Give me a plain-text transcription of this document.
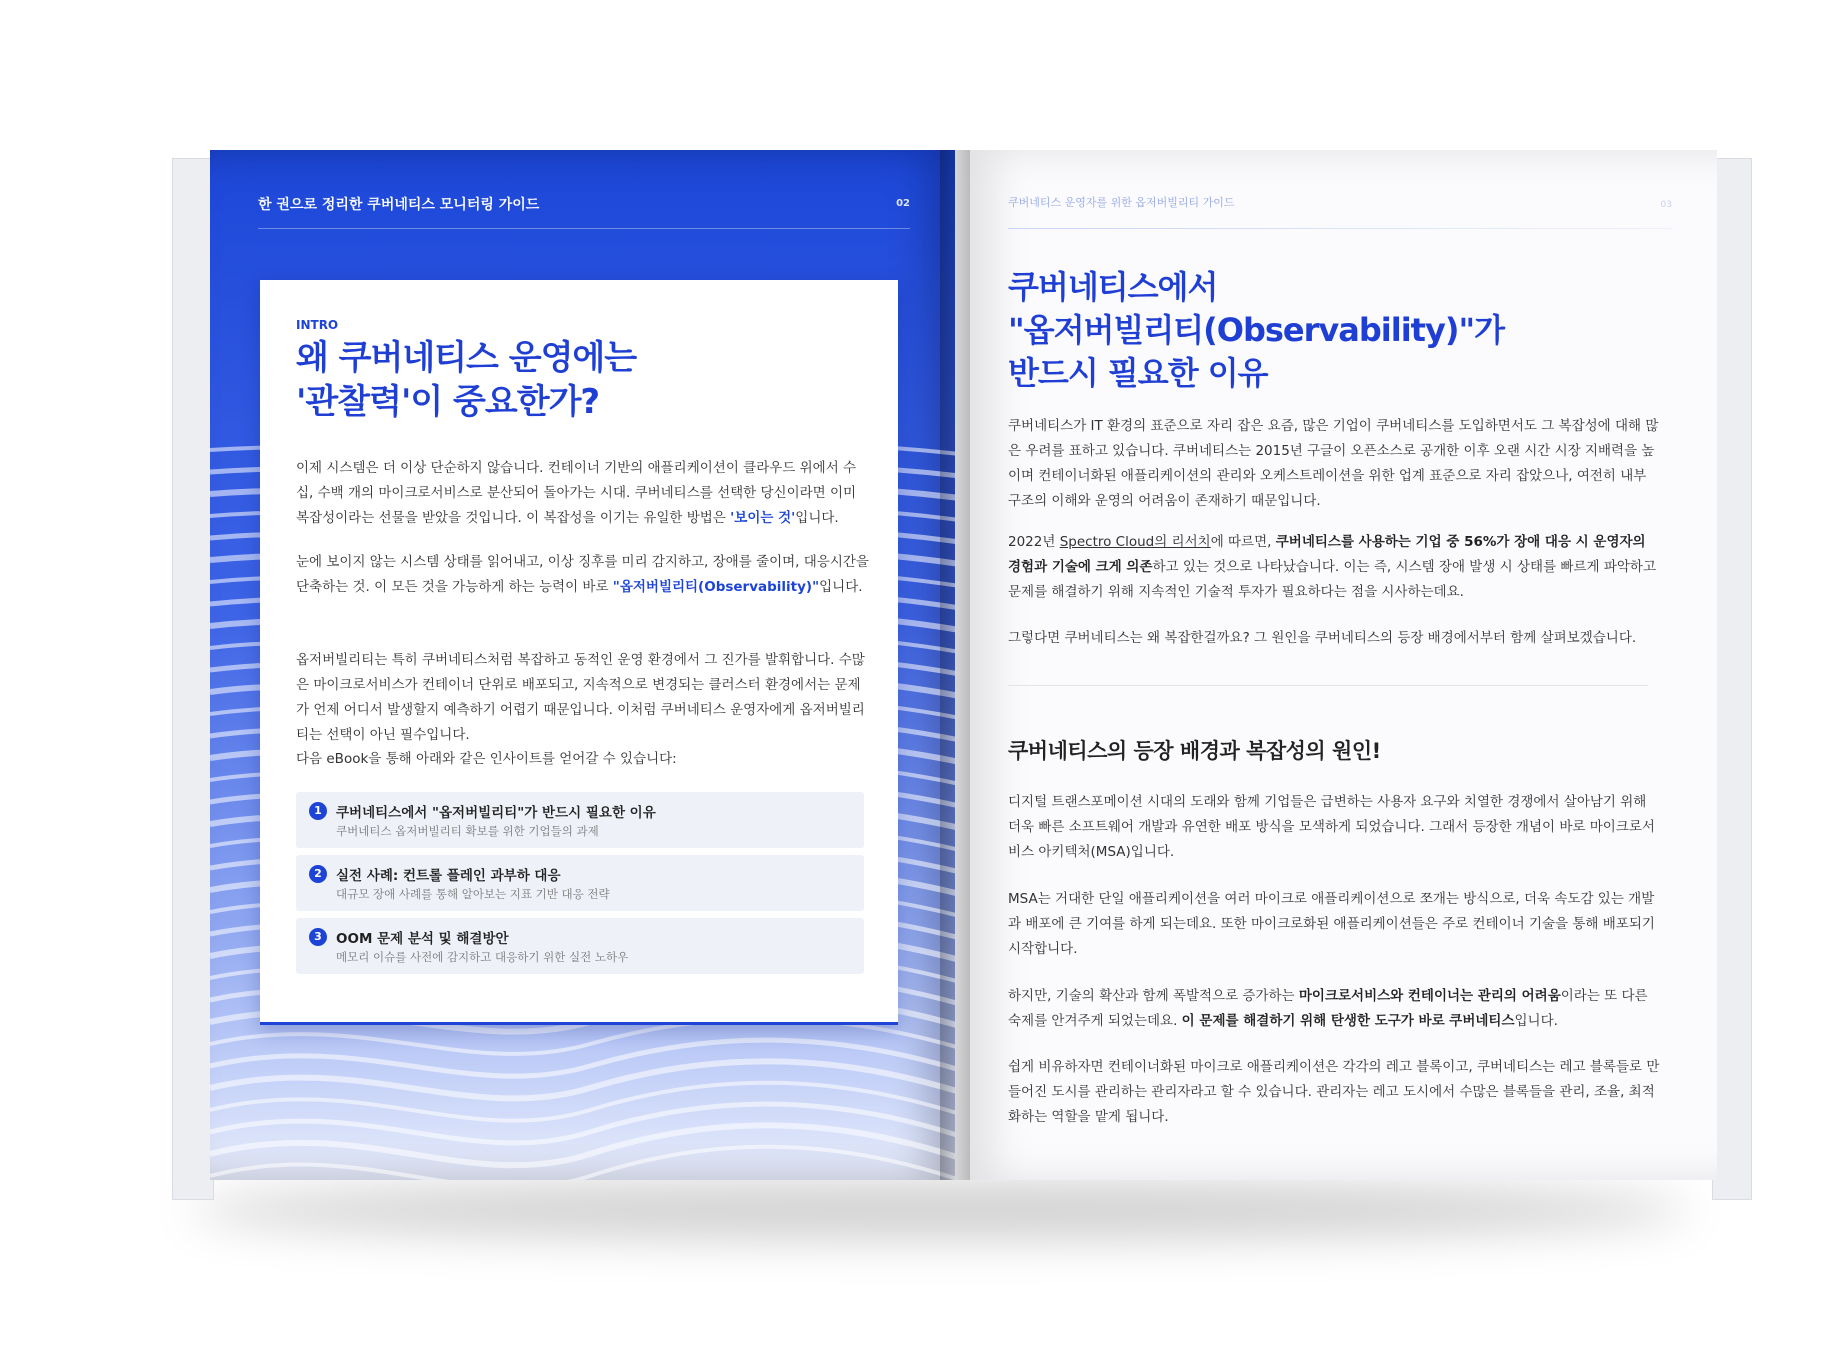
한 권으로 정리한 쿠버네티스 모니터링 가이드	02
INTRO
왜 쿠버네티스 운영에는
'관찰력'이 중요한가?
이제 시스템은 더 이상 단순하지 않습니다. 컨테이너 기반의 애플리케이션이 클라우드 위에서 수십, 수백 개의 마이크로서비스로 분산되어 돌아가는 시대. 쿠버네티스를 선택한 당신이라면 이미 복잡성이라는 선물을 받았을 것입니다. 이 복잡성을 이기는 유일한 방법은 '보이는 것'입니다.
눈에 보이지 않는 시스템 상태를 읽어내고, 이상 징후를 미리 감지하고, 장애를 줄이며, 대응시간을 단축하는 것. 이 모든 것을 가능하게 하는 능력이 바로 "옵저버빌리티(Observability)"입니다.
옵저버빌리티는 특히 쿠버네티스처럼 복잡하고 동적인 운영 환경에서 그 진가를 발휘합니다. 수많은 마이크로서비스가 컨테이너 단위로 배포되고, 지속적으로 변경되는 클러스터 환경에서는 문제가 언제 어디서 발생할지 예측하기 어렵기 때문입니다. 이처럼 쿠버네티스 운영자에게 옵저버빌리티는 선택이 아닌 필수입니다.
다음 eBook을 통해 아래와 같은 인사이트를 얻어갈 수 있습니다:
1	쿠버네티스에서 "옵저버빌리티"가 반드시 필요한 이유
쿠버네티스 옵저버빌리티 확보를 위한 기업들의 과제
2	실전 사례: 컨트롤 플레인 과부하 대응
대규모 장애 사례를 통해 알아보는 지표 기반 대응 전략
3	OOM 문제 분석 및 해결방안
메모리 이슈를 사전에 감지하고 대응하기 위한 실전 노하우
쿠버네티스 운영자를 위한 옵저버빌리티 가이드	03
쿠버네티스에서
"옵저버빌리티(Observability)"가
반드시 필요한 이유
쿠버네티스가 IT 환경의 표준으로 자리 잡은 요즘, 많은 기업이 쿠버네티스를 도입하면서도 그 복잡성에 대해 많은 우려를 표하고 있습니다. 쿠버네티스는 2015년 구글이 오픈소스로 공개한 이후 오랜 시간 시장 지배력을 높이며 컨테이너화된 애플리케이션의 관리와 오케스트레이션을 위한 업계 표준으로 자리 잡았으나, 여전히 내부 구조의 이해와 운영의 어려움이 존재하기 때문입니다.
2022년 Spectro Cloud의 리서치에 따르면, 쿠버네티스를 사용하는 기업 중 56%가 장애 대응 시 운영자의 경험과 기술에 크게 의존하고 있는 것으로 나타났습니다. 이는 즉, 시스템 장애 발생 시 상태를 빠르게 파악하고 문제를 해결하기 위해 지속적인 기술적 투자가 필요하다는 점을 시사하는데요.
그렇다면 쿠버네티스는 왜 복잡한걸까요? 그 원인을 쿠버네티스의 등장 배경에서부터 함께 살펴보겠습니다.
쿠버네티스의 등장 배경과 복잡성의 원인!
디지털 트랜스포메이션 시대의 도래와 함께 기업들은 급변하는 사용자 요구와 치열한 경쟁에서 살아남기 위해 더욱 빠른 소프트웨어 개발과 유연한 배포 방식을 모색하게 되었습니다. 그래서 등장한 개념이 바로 마이크로서비스 아키텍처(MSA)입니다.
MSA는 거대한 단일 애플리케이션을 여러 마이크로 애플리케이션으로 쪼개는 방식으로, 더욱 속도감 있는 개발과 배포에 큰 기여를 하게 되는데요. 또한 마이크로화된 애플리케이션들은 주로 컨테이너 기술을 통해 배포되기 시작합니다.
하지만, 기술의 확산과 함께 폭발적으로 증가하는 마이크로서비스와 컨테이너는 관리의 어려움이라는 또 다른 숙제를 안겨주게 되었는데요. 이 문제를 해결하기 위해 탄생한 도구가 바로 쿠버네티스입니다.
쉽게 비유하자면 컨테이너화된 마이크로 애플리케이션은 각각의 레고 블록이고, 쿠버네티스는 레고 블록들로 만들어진 도시를 관리하는 관리자라고 할 수 있습니다. 관리자는 레고 도시에서 수많은 블록들을 관리, 조율, 최적화하는 역할을 맡게 됩니다.
